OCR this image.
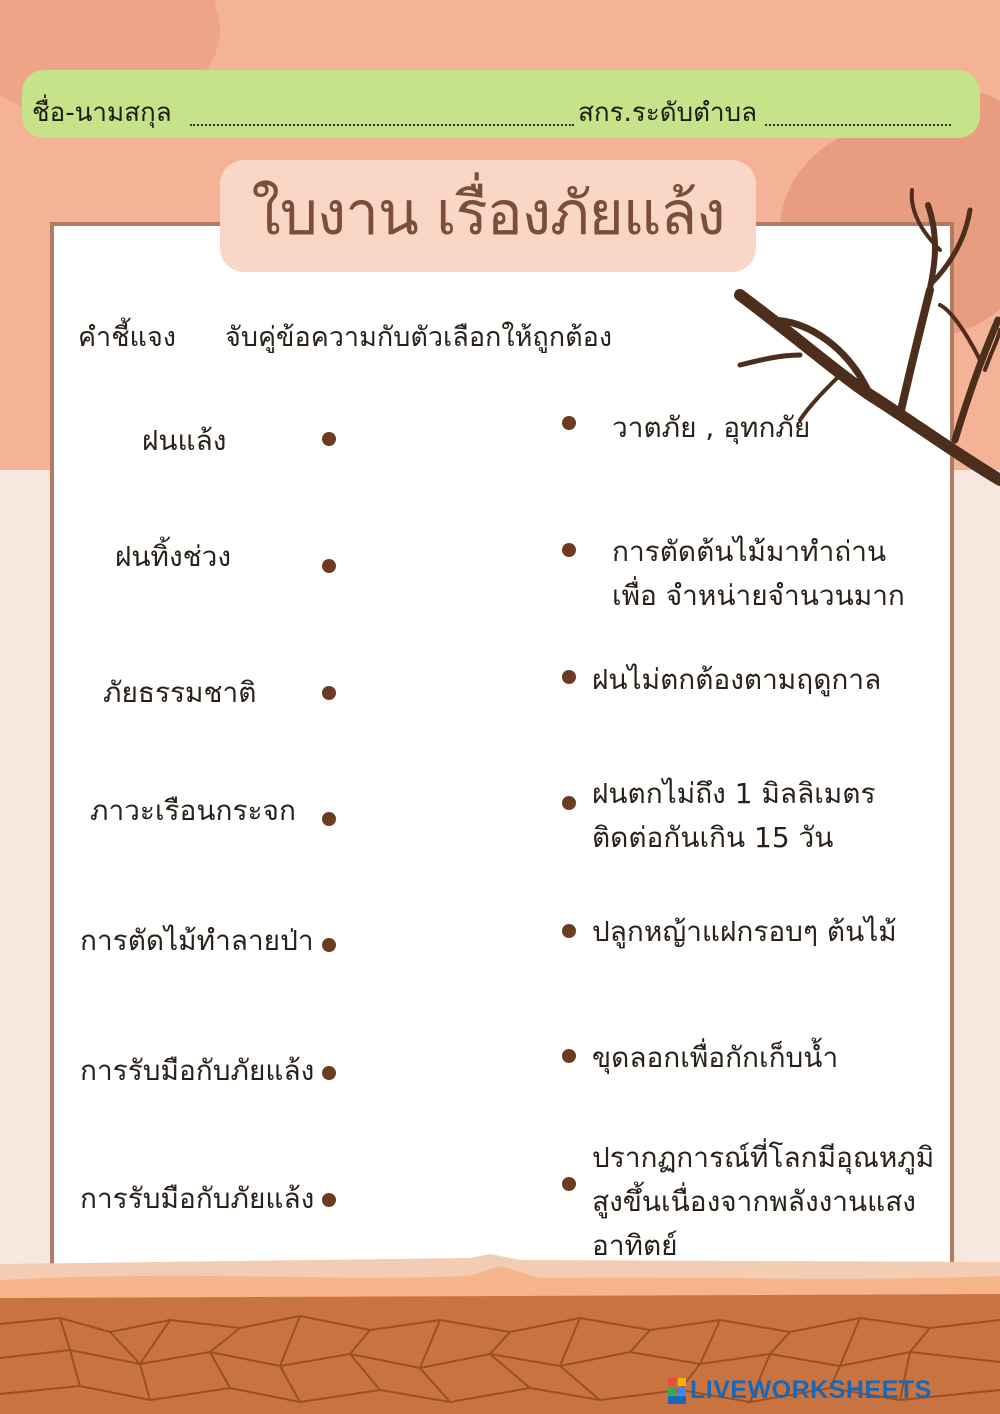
ชื่อ-นามสกุล	สกร.ระดับตำบล
ใบงาน เรื่องภัยแล้ง
คำชี้แจง จับคู่ข้อความกับตัวเลือกให้ถูกต้อง
ฝนแล้ง
ฝนทิ้งช่วง
ภัยธรรมชาติ
ภาวะเรือนกระจก
การตัดไม้ทำลายป่า
การรับมือกับภัยแล้ง
การรับมือกับภัยแล้ง
วาตภัย , อุทกภัย
การตัดต้นไม้มาทำถ่านเพื่อ จำหน่ายจำนวนมาก
ฝนไม่ตกต้องตามฤดูกาล
ฝนตกไม่ถึง 1 มิลลิเมตร ติดต่อกันเกิน 15 วัน
ปลูกหญ้าแฝกรอบๆ ต้นไม้
ขุดลอกเพื่อกักเก็บน้ำ
ปรากฏการณ์ที่โลกมีอุณหภูมิ สูงขึ้นเนื่องจากพลังงานแสง อาทิตย์
LIVEWORKSHEETS
